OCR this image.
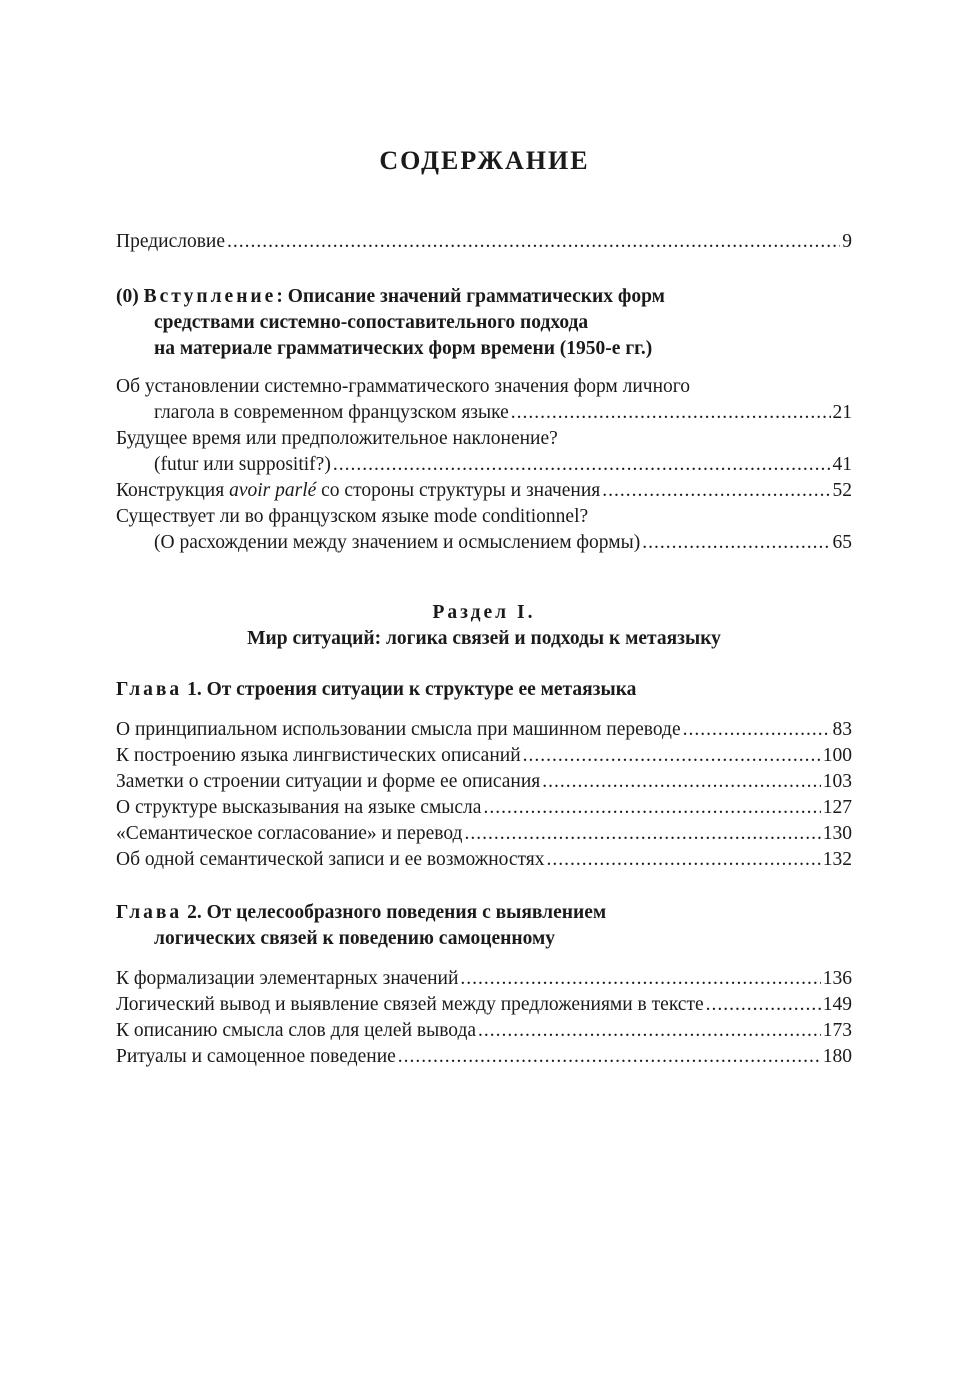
СОДЕРЖАНИЕ
Предисловие .....	9
(0) Вступление: Описание значений грамматических форм
средствами системно-сопоставительного подхода
на материале грамматических форм времени (1950-е гг.)
Об установлении системно-грамматического значения форм личного
глагола в современном французском языке .....	21
Будущее время или предположительное наклонение?
(futur или suppositif?) .....	41
Конструкция avoir parlé со стороны структуры и значения .....	52
Существует ли во французском языке mode conditionnel?
(О расхождении между значением и осмыслением формы) .....	65
Раздел I.
Мир ситуаций: логика связей и подходы к метаязыку
Глава 1. От строения ситуации к структуре ее метаязыка
О принципиальном использовании смысла при машинном переводе .....	83
К построению языка лингвистических описаний .....	100
Заметки о строении ситуации и форме ее описания .....	103
О структуре высказывания на языке смысла .....	127
«Семантическое согласование» и перевод .....	130
Об одной семантической записи и ее возможностях .....	132
Глава 2. От целесообразного поведения с выявлением
логических связей к поведению самоценному
К формализации элементарных значений .....	136
Логический вывод и выявление связей между предложениями в тексте .....	149
К описанию смысла слов для целей вывода .....	173
Ритуалы и самоценное поведение .....	180
